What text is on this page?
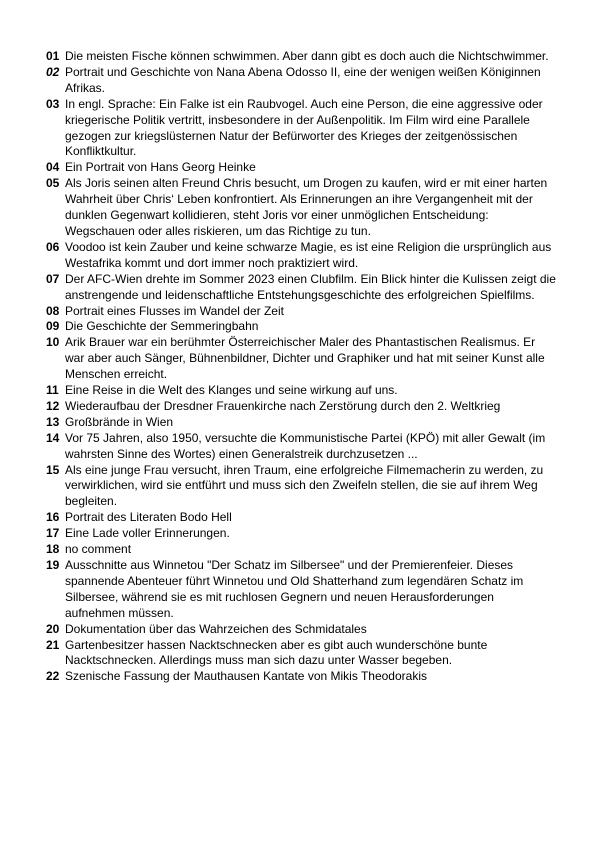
01 Die meisten Fische können schwimmen. Aber dann gibt es doch auch die Nichtschwimmer.
02 Portrait und Geschichte von Nana Abena Odosso II, eine der wenigen weißen Königinnen Afrikas.
03 In engl. Sprache: Ein Falke ist ein Raubvogel. Auch eine Person, die eine aggressive oder kriegerische Politik vertritt, insbesondere in der Außenpolitik. Im Film wird eine Parallele gezogen zur kriegslüsternen Natur der Befürworter des Krieges der zeitgenössischen Konfliktkultur.
04 Ein Portrait von Hans Georg Heinke
05 Als Joris seinen alten Freund Chris besucht, um Drogen zu kaufen, wird er mit einer harten Wahrheit über Chris‘ Leben konfrontiert. Als Erinnerungen an ihre Vergangenheit mit der dunklen Gegenwart kollidieren, steht Joris vor einer unmöglichen Entscheidung: Wegschauen oder alles riskieren, um das Richtige zu tun.
06 Voodoo ist kein Zauber und keine schwarze Magie, es ist eine Religion die ursprünglich aus Westafrika kommt und dort immer noch praktiziert wird.
07 Der AFC-Wien drehte im Sommer 2023 einen Clubfilm. Ein Blick hinter die Kulissen zeigt die anstrengende und leidenschaftliche Entstehungsgeschichte des erfolgreichen Spielfilms.
08 Portrait eines Flusses im Wandel der Zeit
09 Die Geschichte der Semmeringbahn
10 Arik Brauer war ein berühmter Österreichischer Maler des Phantastischen Realismus. Er war aber auch Sänger, Bühnenbildner, Dichter und Graphiker und hat mit seiner Kunst alle Menschen erreicht.
11 Eine Reise in die Welt des Klanges und seine wirkung auf uns.
12 Wiederaufbau der Dresdner Frauenkirche nach Zerstörung durch den 2. Weltkrieg
13 Großbrände in Wien
14 Vor 75 Jahren, also 1950, versuchte die Kommunistische Partei (KPÖ) mit aller Gewalt (im wahrsten Sinne des Wortes) einen Generalstreik durchzusetzen ...
15 Als eine junge Frau versucht, ihren Traum, eine erfolgreiche Filmemacherin zu werden, zu verwirklichen, wird sie entführt und muss sich den Zweifeln stellen, die sie auf ihrem Weg begleiten.
16 Portrait des Literaten Bodo Hell
17 Eine Lade voller Erinnerungen.
18 no comment
19 Ausschnitte aus Winnetou "Der Schatz im Silbersee" und der Premierenfeier. Dieses spannende Abenteuer führt Winnetou und Old Shatterhand zum legendären Schatz im Silbersee, während sie es mit ruchlosen Gegnern und neuen Herausforderungen aufnehmen müssen.
20 Dokumentation über das Wahrzeichen des Schmidatales
21 Gartenbesitzer hassen Nacktschnecken aber es gibt auch wunderschöne bunte Nacktschnecken. Allerdings muss man sich dazu unter Wasser begeben.
22 Szenische Fassung der Mauthausen Kantate von Mikis Theodorakis
